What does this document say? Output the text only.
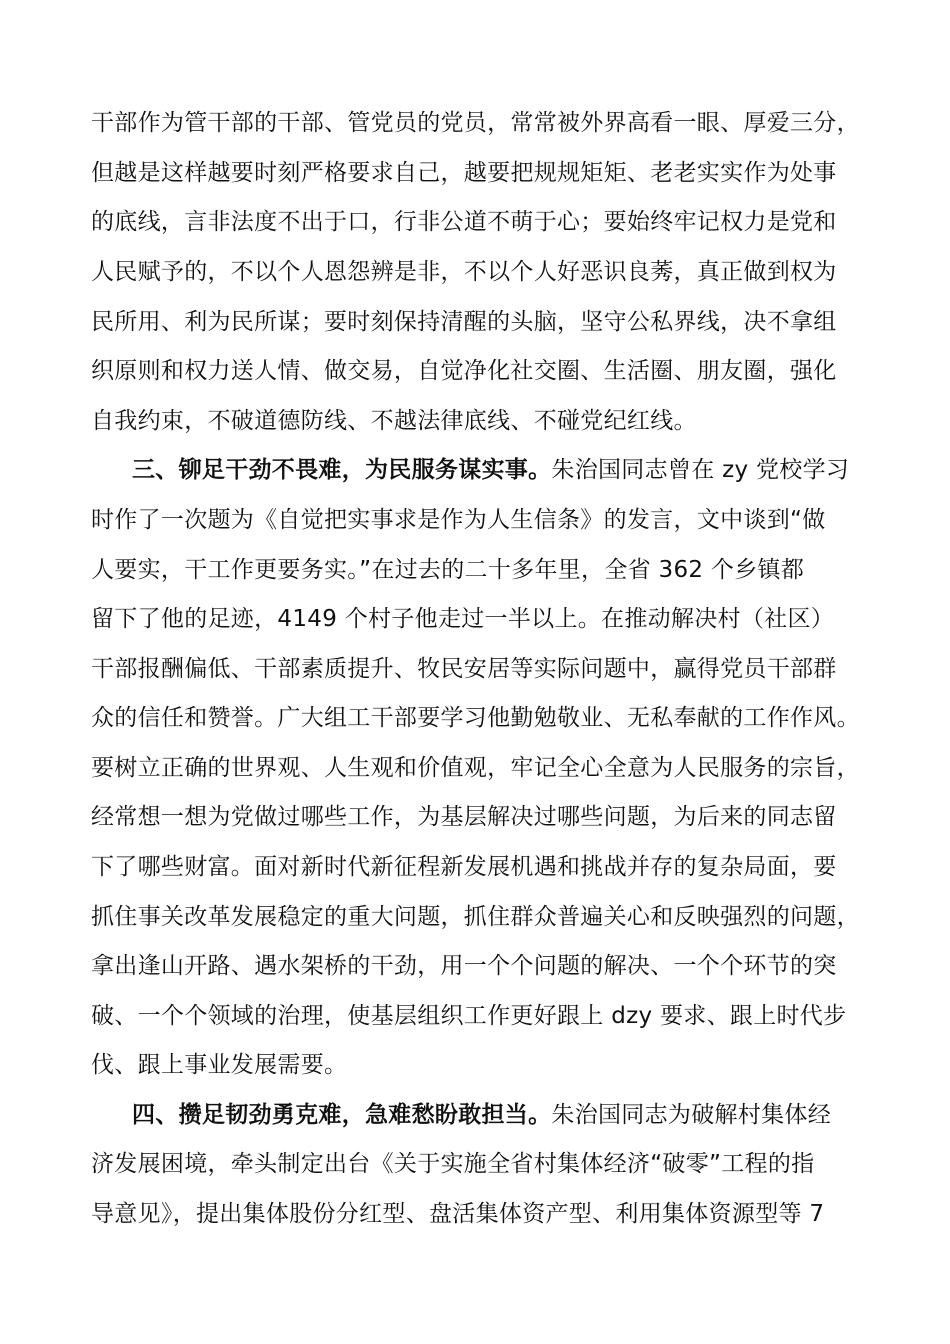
干部作为管干部的干部、管党员的党员，常常被外界高看一眼、厚爱三分，
但越是这样越要时刻严格要求自己，越要把规规矩矩、老老实实作为处事
的底线，言非法度不出于口，行非公道不萌于心；要始终牢记权力是党和
人民赋予的，不以个人恩怨辨是非，不以个人好恶识良莠，真正做到权为
民所用、利为民所谋；要时刻保持清醒的头脑，坚守公私界线，决不拿组
织原则和权力送人情、做交易，自觉净化社交圈、生活圈、朋友圈，强化
自我约束，不破道德防线、不越法律底线、不碰党纪红线。
三、铆足干劲不畏难，为民服务谋实事。朱治国同志曾在 zy 党校学习
时作了一次题为《自觉把实事求是作为人生信条》的发言，文中谈到“做
人要实，干工作更要务实。”在过去的二十多年里，全省 362 个乡镇都
留下了他的足迹，4149 个村子他走过一半以上。在推动解决村（社区）
干部报酬偏低、干部素质提升、牧民安居等实际问题中，赢得党员干部群
众的信任和赞誉。广大组工干部要学习他勤勉敬业、无私奉献的工作作风。
要树立正确的世界观、人生观和价值观，牢记全心全意为人民服务的宗旨，
经常想一想为党做过哪些工作，为基层解决过哪些问题，为后来的同志留
下了哪些财富。面对新时代新征程新发展机遇和挑战并存的复杂局面，要
抓住事关改革发展稳定的重大问题，抓住群众普遍关心和反映强烈的问题，
拿出逢山开路、遇水架桥的干劲，用一个个问题的解决、一个个环节的突
破、一个个领域的治理，使基层组织工作更好跟上 dzy 要求、跟上时代步
伐、跟上事业发展需要。
四、攒足韧劲勇克难，急难愁盼敢担当。朱治国同志为破解村集体经
济发展困境，牵头制定出台《关于实施全省村集体经济“破零”工程的指
导意见》，提出集体股份分红型、盘活集体资产型、利用集体资源型等 7
